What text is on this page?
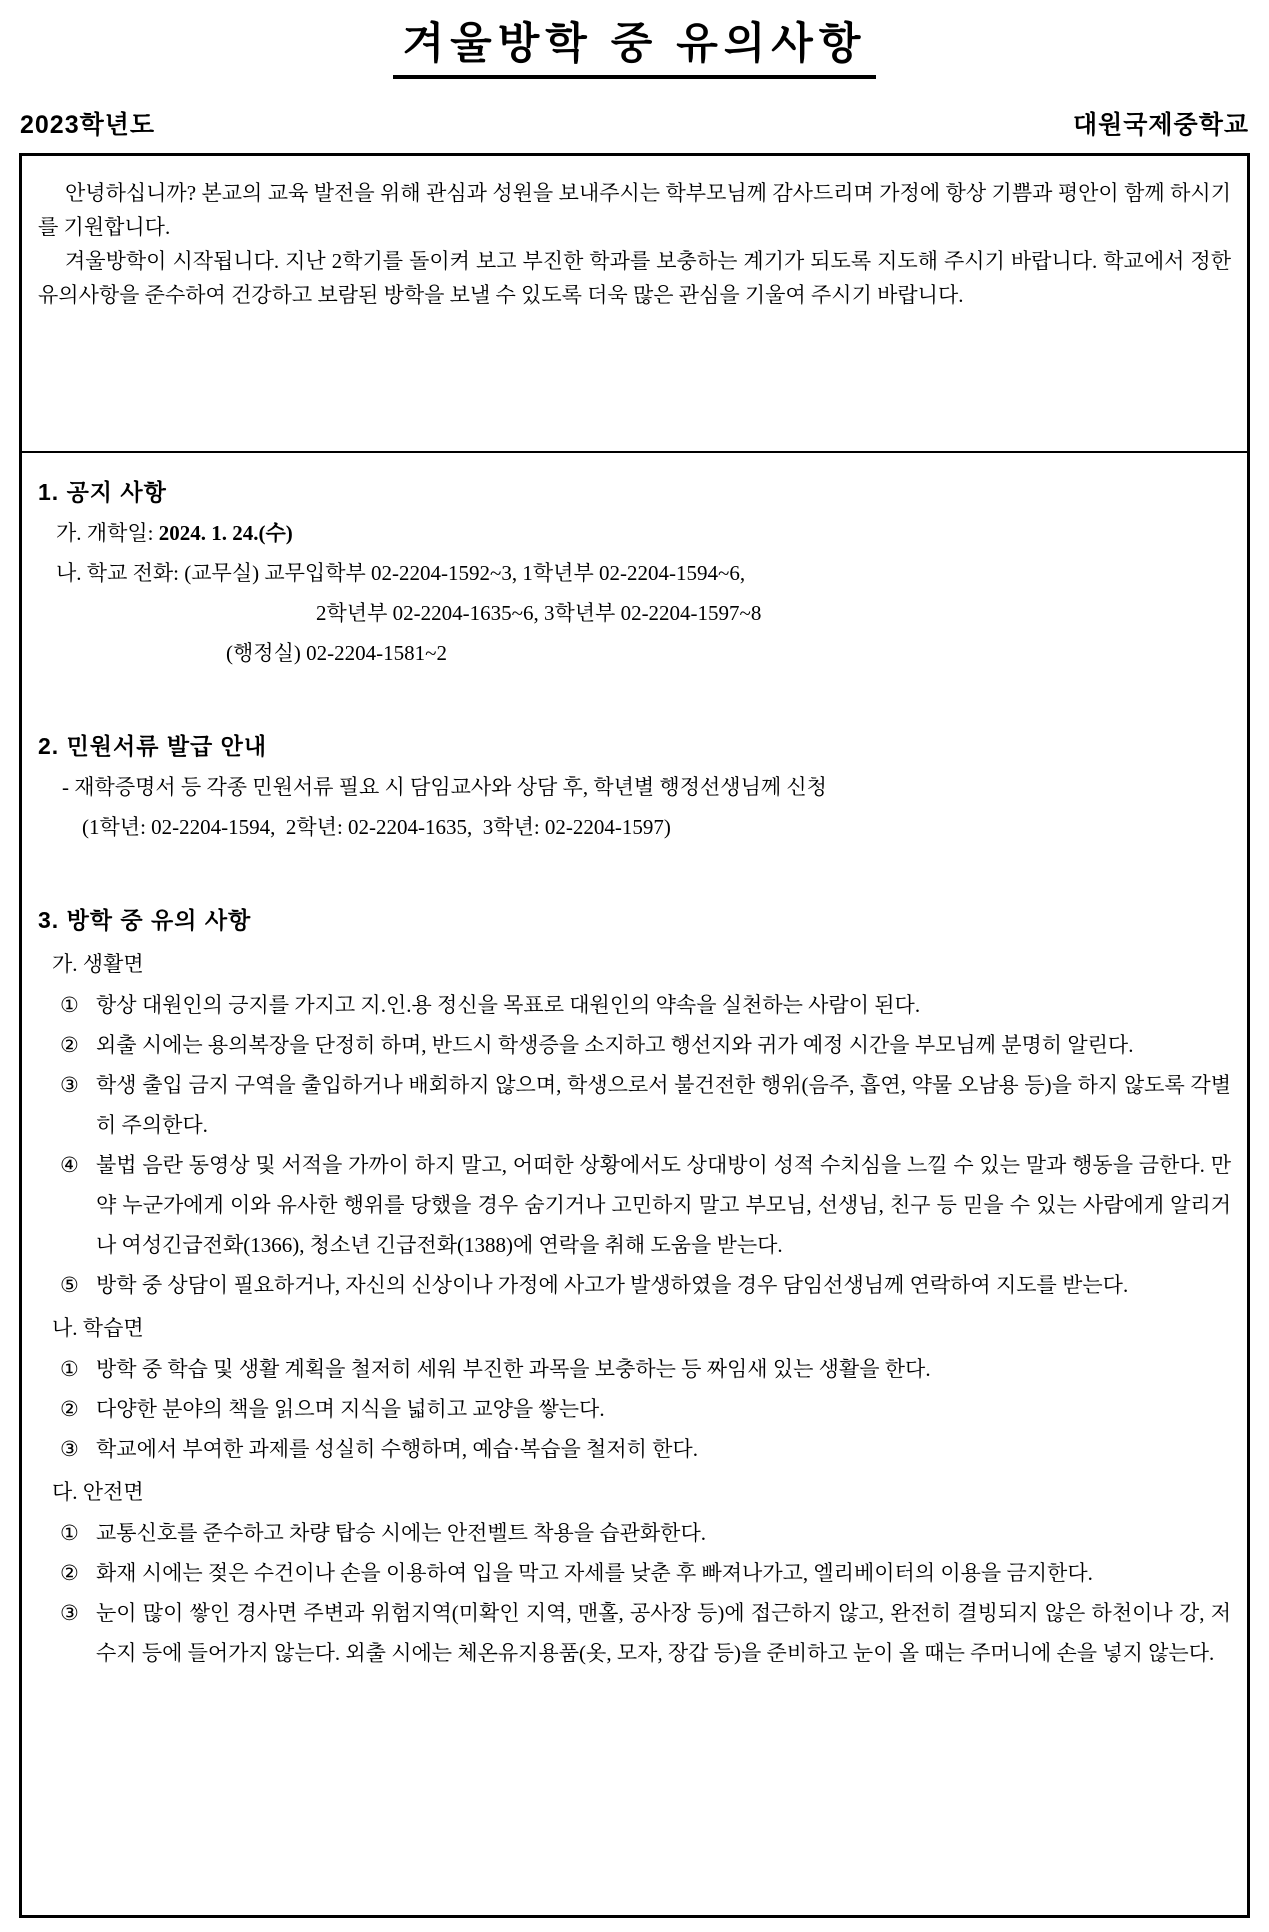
겨울방학 중 유의사항
2023학년도	대원국제중학교

안녕하십니까? 본교의 교육 발전을 위해 관심과 성원을 보내주시는 학부모님께 감사드리며 가정에 항상 기쁨과 평안이 함께 하시기를 기원합니다.

겨울방학이 시작됩니다. 지난 2학기를 돌이켜 보고 부진한 학과를 보충하는 계기가 되도록 지도해 주시기 바랍니다. 학교에서 정한 유의사항을 준수하여 건강하고 보람된 방학을 보낼 수 있도록 더욱 많은 관심을 기울여 주시기 바랍니다.

1. 공지 사항
가. 개학일: 2024. 1. 24.(수)
나. 학교 전화: (교무실) 교무입학부 02-2204-1592~3, 1학년부 02-2204-1594~6,
2학년부 02-2204-1635~6, 3학년부 02-2204-1597~8
(행정실) 02-2204-1581~2
2. 민원서류 발급 안내
- 재학증명서 등 각종 민원서류 필요 시 담임교사와 상담 후, 학년별 행정선생님께 신청
(1학년: 02-2204-1594,  2학년: 02-2204-1635,  3학년: 02-2204-1597)
3. 방학 중 유의 사항
가. 생활면
① 항상 대원인의 긍지를 가지고 지.인.용 정신을 목표로 대원인의 약속을 실천하는 사람이 된다.
② 외출 시에는 용의복장을 단정히 하며, 반드시 학생증을 소지하고 행선지와 귀가 예정 시간을 부모님께 분명히 알린다.
③ 학생 출입 금지 구역을 출입하거나 배회하지 않으며, 학생으로서 불건전한 행위(음주, 흡연, 약물 오남용 등)을 하지 않도록 각별히 주의한다.
④ 불법 음란 동영상 및 서적을 가까이 하지 말고, 어떠한 상황에서도 상대방이 성적 수치심을 느낄 수 있는 말과 행동을 금한다. 만약 누군가에게 이와 유사한 행위를 당했을 경우 숨기거나 고민하지 말고 부모님, 선생님, 친구 등 믿을 수 있는 사람에게 알리거나 여성긴급전화(1366), 청소년 긴급전화(1388)에 연락을 취해 도움을 받는다.
⑤ 방학 중 상담이 필요하거나, 자신의 신상이나 가정에 사고가 발생하였을 경우 담임선생님께 연락하여 지도를 받는다.
나. 학습면
① 방학 중 학습 및 생활 계획을 철저히 세워 부진한 과목을 보충하는 등 짜임새 있는 생활을 한다.
② 다양한 분야의 책을 읽으며 지식을 넓히고 교양을 쌓는다.
③ 학교에서 부여한 과제를 성실히 수행하며, 예습·복습을 철저히 한다.
다. 안전면
① 교통신호를 준수하고 차량 탑승 시에는 안전벨트 착용을 습관화한다.
② 화재 시에는 젖은 수건이나 손을 이용하여 입을 막고 자세를 낮춘 후 빠져나가고, 엘리베이터의 이용을 금지한다.
③ 눈이 많이 쌓인 경사면 주변과 위험지역(미확인 지역, 맨홀, 공사장 등)에 접근하지 않고, 완전히 결빙되지 않은 하천이나 강, 저수지 등에 들어가지 않는다. 외출 시에는 체온유지용품(옷, 모자, 장갑 등)을 준비하고 눈이 올 때는 주머니에 손을 넣지 않는다.
